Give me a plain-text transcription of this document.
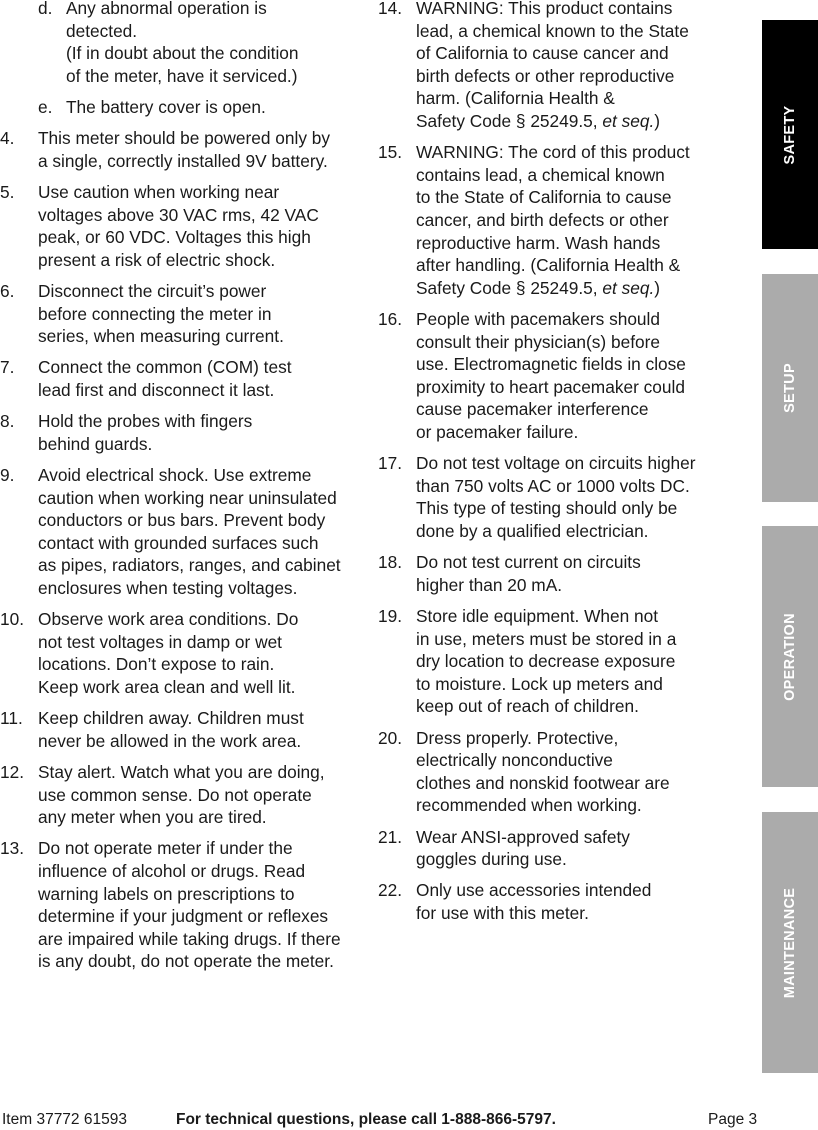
d. Any abnormal operation is
detected.
(If in doubt about the condition
of the meter, have it serviced.)
e. The battery cover is open.
4. This meter should be powered only by
a single, correctly installed 9V battery.
5. Use caution when working near
voltages above 30 VAC rms, 42 VAC
peak, or 60 VDC. Voltages this high
present a risk of electric shock.
6. Disconnect the circuit’s power
before connecting the meter in
series, when measuring current.
7. Connect the common (COM) test
lead first and disconnect it last.
8. Hold the probes with fingers
behind guards.
9. Avoid electrical shock. Use extreme
caution when working near uninsulated
conductors or bus bars. Prevent body
contact with grounded surfaces such
as pipes, radiators, ranges, and cabinet
enclosures when testing voltages.
10. Observe work area conditions. Do
not test voltages in damp or wet
locations. Don’t expose to rain.
Keep work area clean and well lit.
11. Keep children away. Children must
never be allowed in the work area.
12. Stay alert. Watch what you are doing,
use common sense. Do not operate
any meter when you are tired.
13. Do not operate meter if under the
influence of alcohol or drugs. Read
warning labels on prescriptions to
determine if your judgment or reflexes
are impaired while taking drugs. If there
is any doubt, do not operate the meter.
14. WARNING: This product contains
lead, a chemical known to the State
of California to cause cancer and
birth defects or other reproductive
harm. (California Health &
Safety Code § 25249.5, et seq.)
15. WARNING: The cord of this product
contains lead, a chemical known
to the State of California to cause
cancer, and birth defects or other
reproductive harm. Wash hands
after handling. (California Health &
Safety Code § 25249.5, et seq.)
16. People with pacemakers should
consult their physician(s) before
use. Electromagnetic fields in close
proximity to heart pacemaker could
cause pacemaker interference
or pacemaker failure.
17. Do not test voltage on circuits higher
than 750 volts AC or 1000 volts DC.
This type of testing should only be
done by a qualified electrician.
18. Do not test current on circuits
higher than 20 mA.
19. Store idle equipment. When not
in use, meters must be stored in a
dry location to decrease exposure
to moisture. Lock up meters and
keep out of reach of children.
20. Dress properly. Protective,
electrically nonconductive
clothes and nonskid footwear are
recommended when working.
21. Wear ANSI-approved safety
goggles during use.
22. Only use accessories intended
for use with this meter.
SAFETY
SETUP
OPERATION
MAINTENANCE
Item 37772 61593	For technical questions, please call 1-888-866-5797.	Page 3
